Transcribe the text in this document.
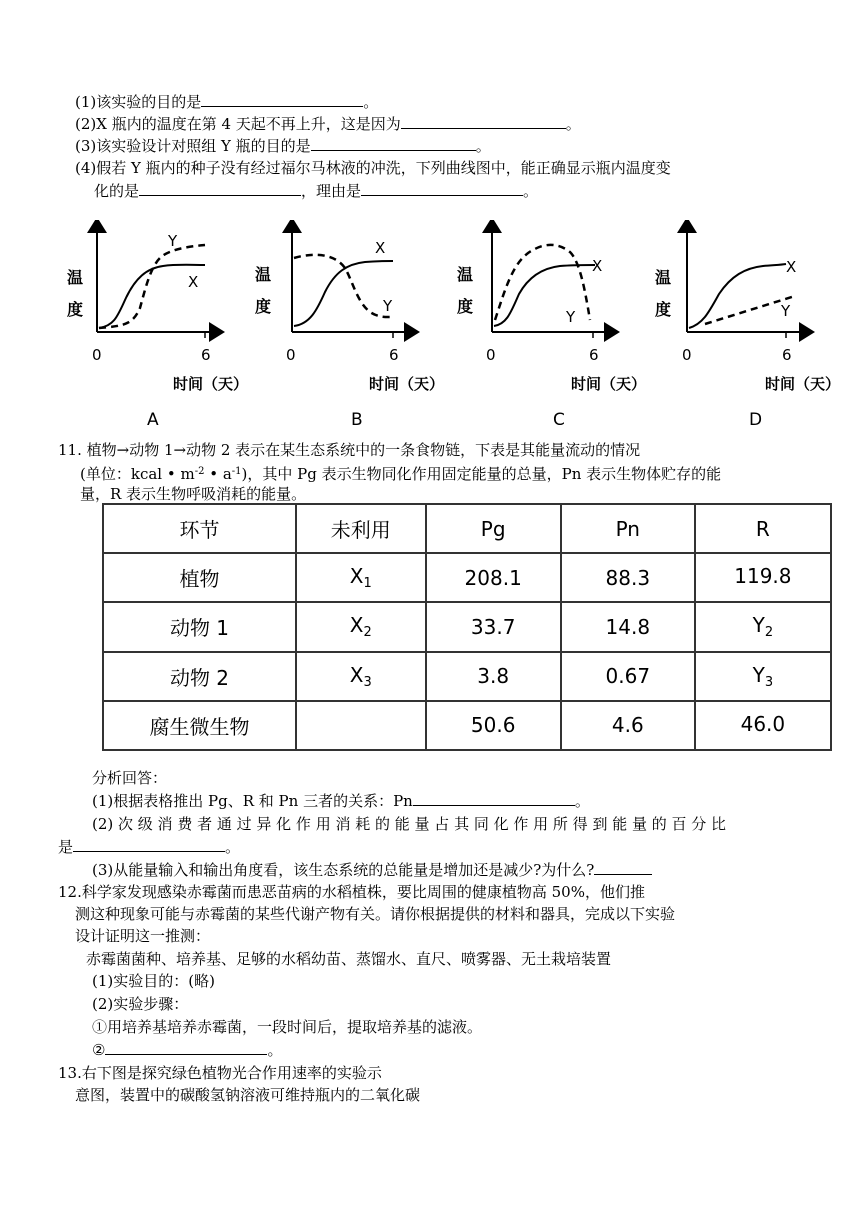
(1)该实验的目的是	。
(2)X 瓶内的温度在第 4 天起不再上升，这是因为	。
(3)该实验设计对照组 Y 瓶的目的是	。
(4)假若 Y 瓶内的种子没有经过福尔马林液的冲洗，下列曲线图中，能正确显示瓶内温度变
化的是	，理由是	。
温
度
0	6
时间（天）
Y
X
A
温
度
0	6
时间（天）
X
Y
B
温
度
0	6
时间（天）
X
Y
C
温
度
0	6
时间（天）
X
Y
D
11. 植物→动物 1→动物 2 表示在某生态系统中的一条食物链，下表是其能量流动的情况
(单位：kcal • $m^{-2}$ • $a^{-1}$)，其中 Pg 表示生物同化作用固定能量的总量，Pn 表示生物体贮存的能
量，R 表示生物呼吸消耗的能量。
环节	未利用	Pg	Pn	R
植物	$X_1$	208.1	88.3	119.8
动物 1	$X_2$	33.7	14.8	$Y_2$
动物 2	$X_3$	3.8	0.67	$Y_3$
腐生微生物		50.6	4.6	46.0
分析回答：
(1)根据表格推出 Pg、R 和 Pn 三者的关系：Pn	。
(2) 次 级 消 费 者 通 过 异 化 作 用 消 耗 的 能 量 占 其 同 化 作 用 所 得 到 能 量 的 百 分 比
是	。
(3)从能量输入和输出角度看，该生态系统的总能量是增加还是减少?为什么?
12.科学家发现感染赤霉菌而患恶苗病的水稻植株，要比周围的健康植物高 50%，他们推
测这种现象可能与赤霉菌的某些代谢产物有关。请你根据提供的材料和器具，完成以下实验
设计证明这一推测：
赤霉菌菌种、培养基、足够的水稻幼苗、蒸馏水、直尺、喷雾器、无土栽培装置
(1)实验目的：(略)
(2)实验步骤：
①用培养基培养赤霉菌，一段时间后，提取培养基的滤液。
②	。
13.右下图是探究绿色植物光合作用速率的实验示
意图，装置中的碳酸氢钠溶液可维持瓶内的二氧化碳
